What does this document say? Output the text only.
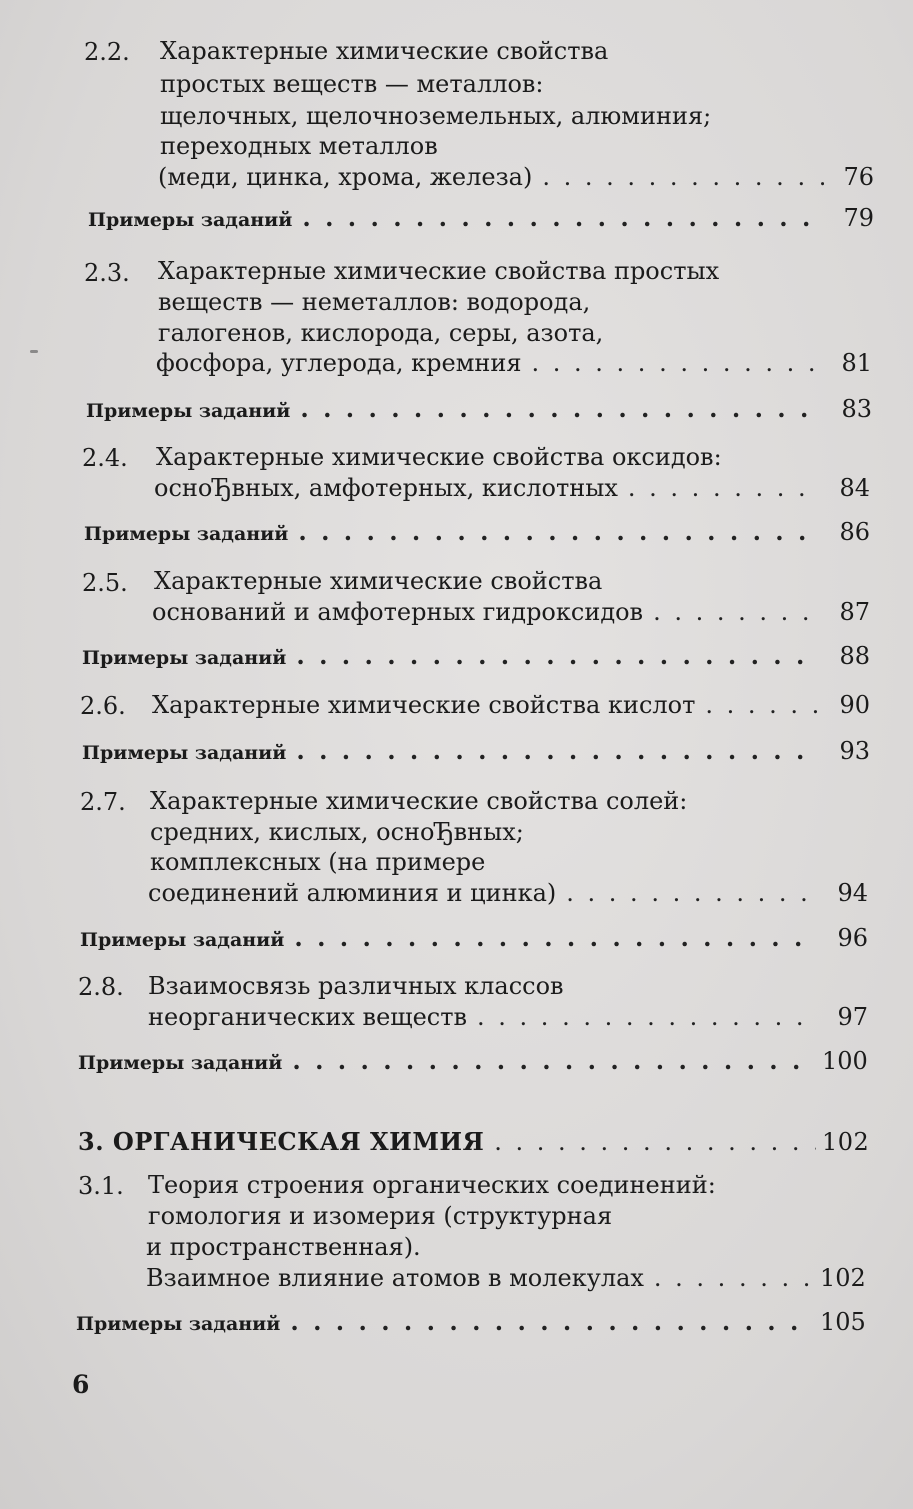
2.2. Характерные химические свойства
простых веществ — металлов:
щелочных, щелочноземельных, алюминия;
переходных металлов
(меди, цинка, хрома, железа) . . .	76
Примеры заданий . . .	79
2.3. Характерные химические свойства простых
веществ — неметаллов: водорода,
галогенов, кислорода, серы, азота,
фосфора, углерода, кремния . . .	81
Примеры заданий . . .	83
2.4. Характерные химические свойства оксидов:
осноЂвных, амфотерных, кислотных . . .	84
Примеры заданий . . .	86
2.5. Характерные химические свойства
оснований и амфотерных гидроксидов . . .	87
Примеры заданий . . .	88
2.6. Характерные химические свойства кислот . . .	90
Примеры заданий . . .	93
2.7. Характерные химические свойства солей:
средних, кислых, осноЂвных;
комплексных (на примере
соединений алюминия и цинка) . . .	94
Примеры заданий . . .	96
2.8. Взаимосвязь различных классов
неорганических веществ . . .	97
Примеры заданий . . .	100
3. ОРГАНИЧЕСКАЯ ХИМИЯ . . .	102
3.1. Теория строения органических соединений:
гомология и изомерия (структурная
и пространственная).
Взаимное влияние атомов в молекулах . . .	102
Примеры заданий . . .	105
6
